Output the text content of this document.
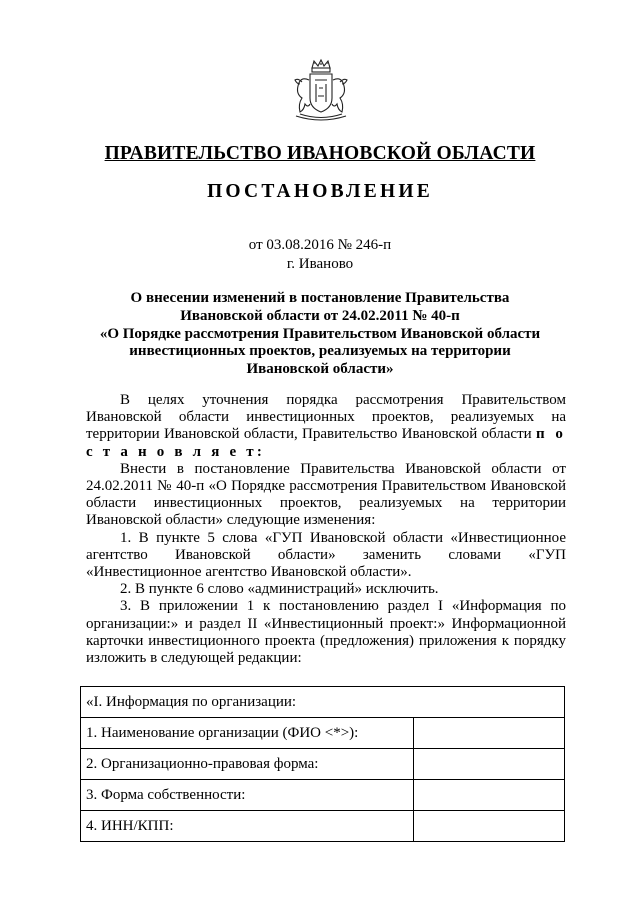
ПРАВИТЕЛЬСТВО ИВАНОВСКОЙ ОБЛАСТИ
ПОСТАНОВЛЕНИЕ
от 03.08.2016 № 246-п
г. Иваново
О внесении изменений в постановление Правительства
Ивановской области от 24.02.2011 № 40-п
«О Порядке рассмотрения Правительством Ивановской области
инвестиционных проектов, реализуемых на территории
Ивановской области»

В целях уточнения порядка рассмотрения Правительством Ивановской области инвестиционных проектов, реализуемых на территории Ивановской области, Правительство Ивановской области п о с т а н о в л я е т:

Внести в постановление Правительства Ивановской области от 24.02.2011 № 40-п «О Порядке рассмотрения Правительством Ивановской области инвестиционных проектов, реализуемых на территории Ивановской области» следующие изменения:

1. В пункте 5 слова «ГУП Ивановской области «Инвестиционное агентство Ивановской области» заменить словами «ГУП «Инвестиционное агентство Ивановской области».

2. В пункте 6 слово «администраций» исключить.

3. В приложении 1 к постановлению раздел I «Информация по организации:» и раздел II «Инвестиционный проект:» Информационной карточки инвестиционного проекта (предложения) приложения к порядку изложить в следующей редакции:

«I. Информация по организации:	
1. Наименование организации (ФИО <*>):	
2. Организационно-правовая форма:	
3. Форма собственности:	
4. ИНН/КПП:	
